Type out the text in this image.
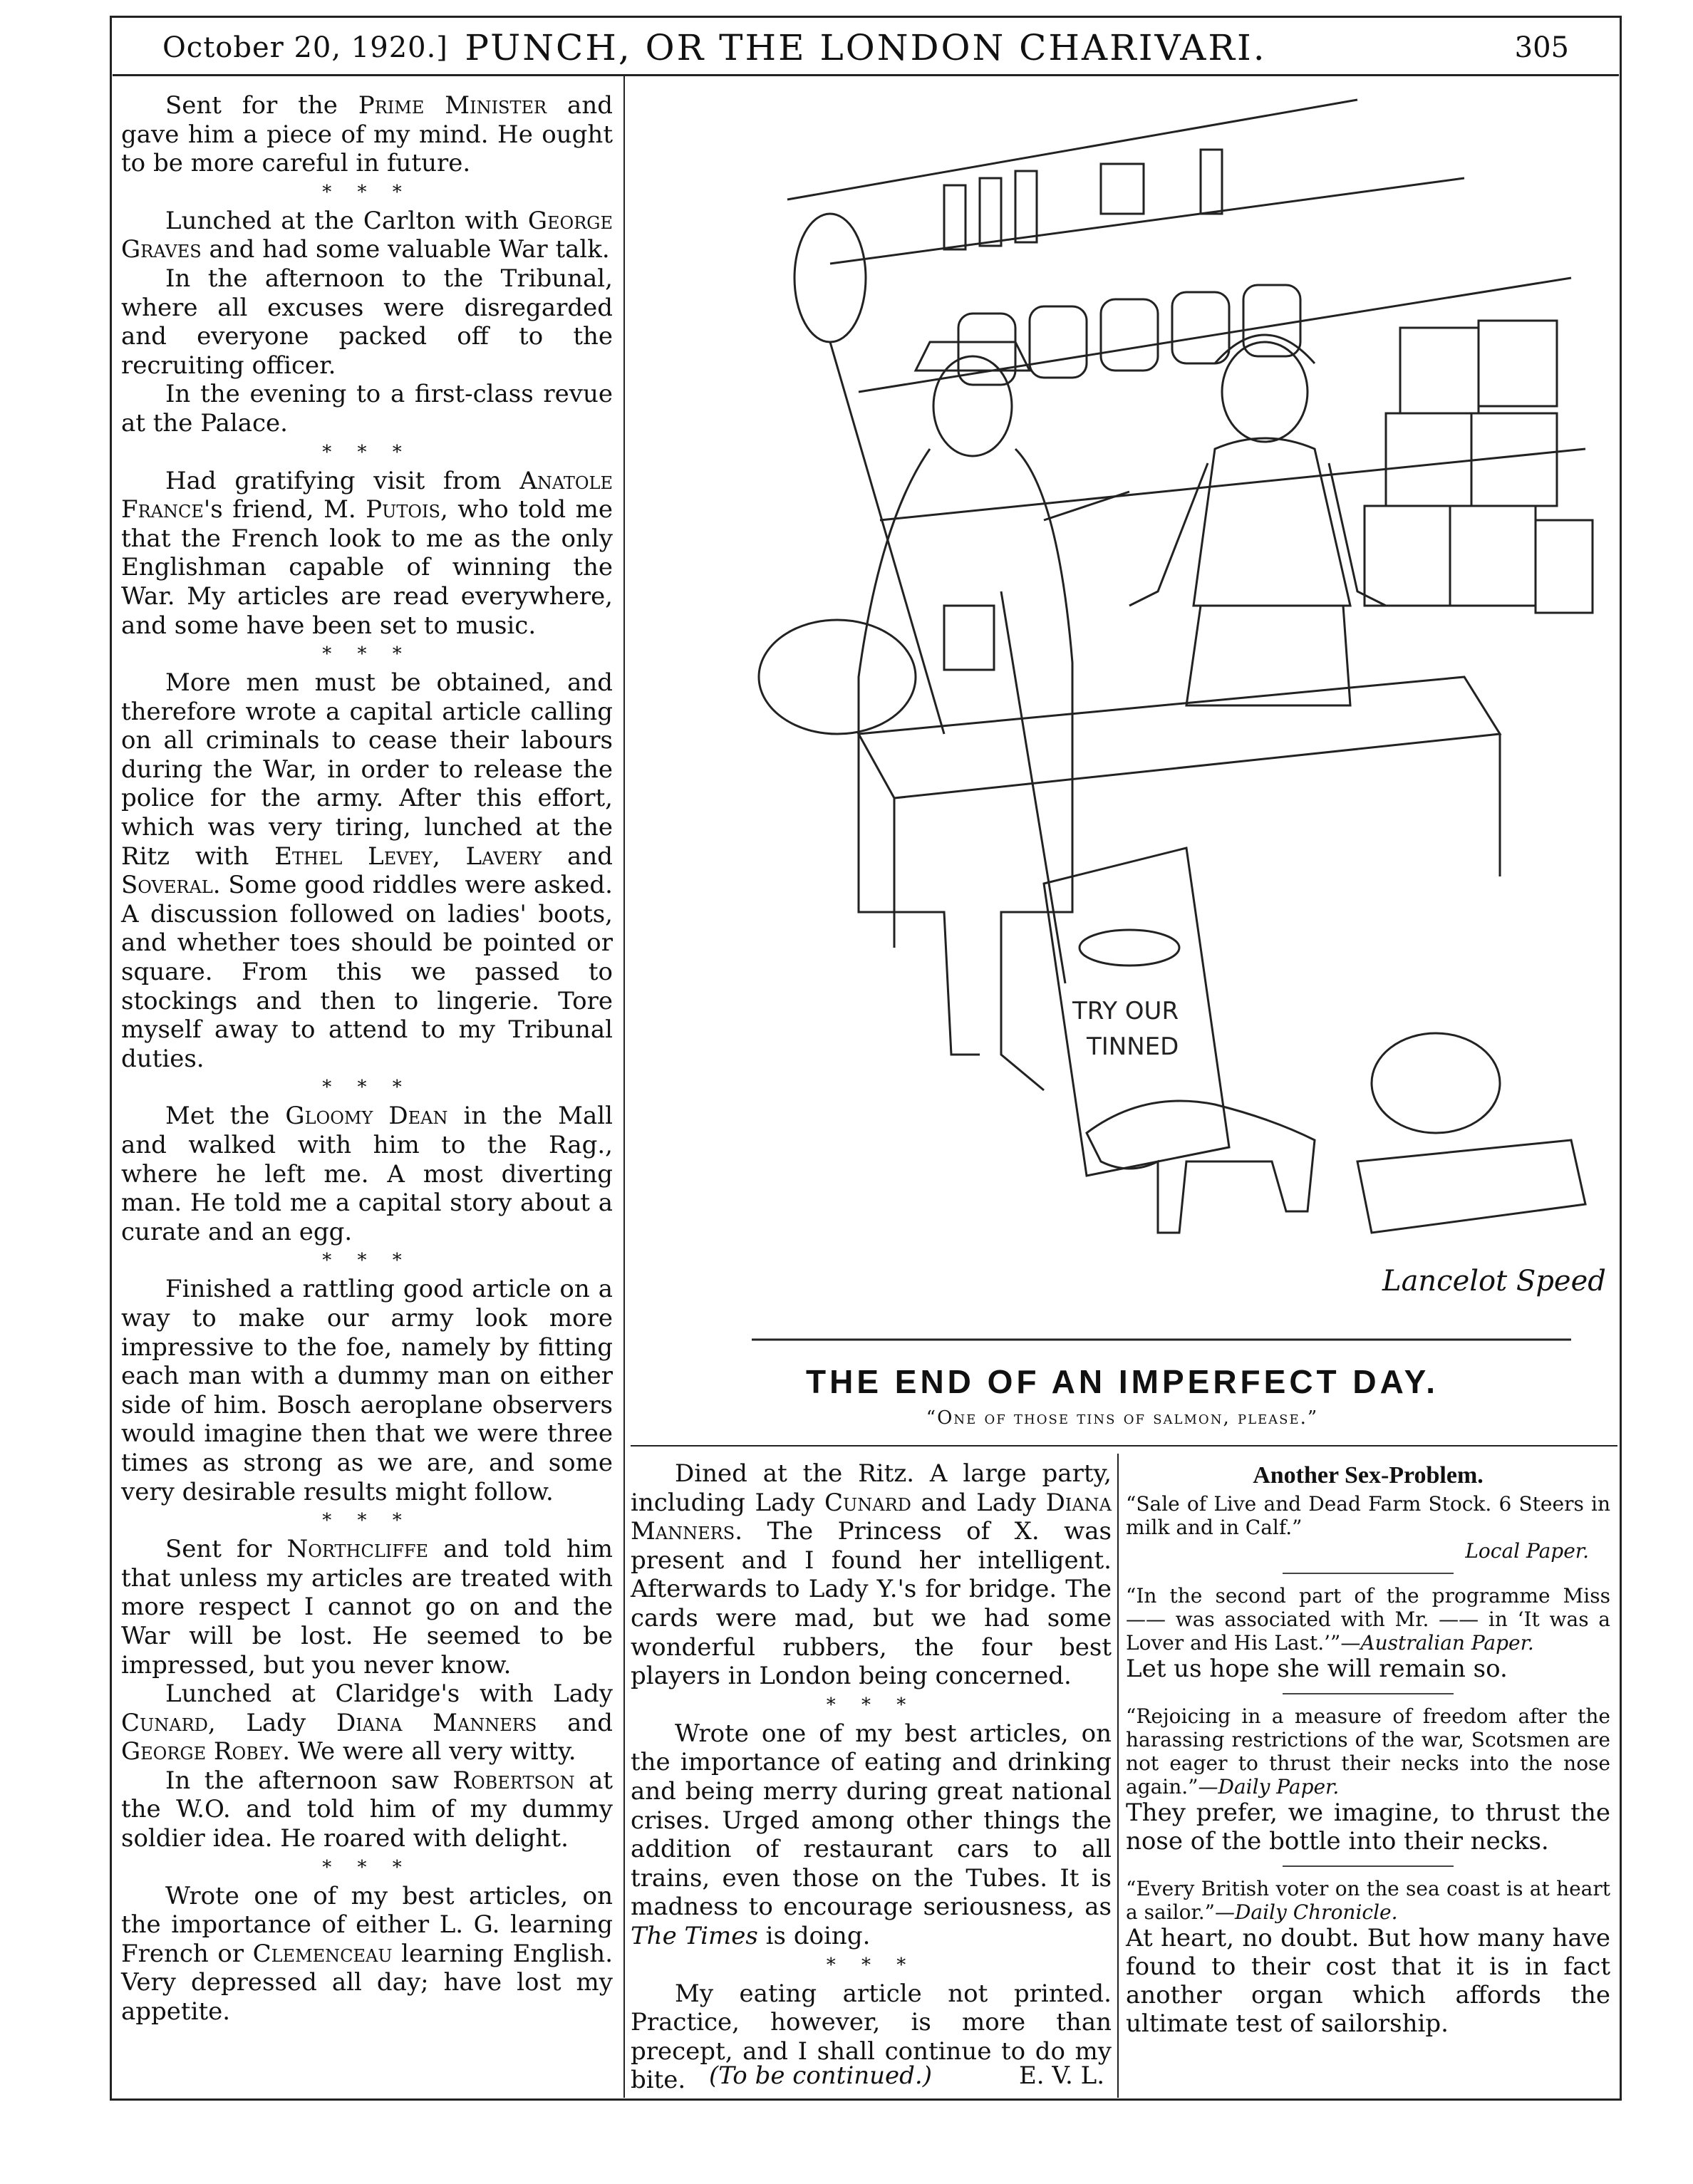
October 20, 1920.] PUNCH, OR THE LONDON CHARIVARI.	305

Sent for the Prime Minister and gave him a piece of my mind. He ought to be more careful in future.

* * *

Lunched at the Carlton with George Graves and had some valuable War talk.

In the afternoon to the Tribunal, where all excuses were disregarded and everyone packed off to the recruiting officer.

In the evening to a first-class revue at the Palace.

* * *

Had gratifying visit from Anatole France's friend, M. Putois, who told me that the French look to me as the only Englishman capable of winning the War. My articles are read everywhere, and some have been set to music.

* * *

More men must be obtained, and therefore wrote a capital article calling on all criminals to cease their labours during the War, in order to release the police for the army. After this effort, which was very tiring, lunched at the Ritz with Ethel Levey, Lavery and Soveral. Some good riddles were asked. A discussion followed on ladies' boots, and whether toes should be pointed or square. From this we passed to stockings and then to lingerie. Tore myself away to attend to my Tribunal duties.

* * *

Met the Gloomy Dean in the Mall and walked with him to the Rag., where he left me. A most diverting man. He told me a capital story about a curate and an egg.

* * *

Finished a rattling good article on a way to make our army look more impressive to the foe, namely by fitting each man with a dummy man on either side of him. Bosch aeroplane observers would imagine then that we were three times as strong as we are, and some very desirable results might follow.

* * *

Sent for Northcliffe and told him that unless my articles are treated with more respect I cannot go on and the War will be lost. He seemed to be impressed, but you never know.

Lunched at Claridge's with Lady Cunard, Lady Diana Manners and George Robey. We were all very witty.

In the afternoon saw Robertson at the W.O. and told him of my dummy soldier idea. He roared with delight.

* * *

Wrote one of my best articles, on the importance of either L. G. learning French or Clemenceau learning English. Very depressed all day; have lost my appetite.

TRY OUR
TINNED
Lancelot Speed
THE END OF AN IMPERFECT DAY.
“One of those tins of salmon, please.”

Dined at the Ritz. A large party, including Lady Cunard and Lady Diana Manners. The Princess of X. was present and I found her intelligent. Afterwards to Lady Y.'s for bridge. The cards were mad, but we had some wonderful rubbers, the four best players in London being concerned.

* * *

Wrote one of my best articles, on the importance of eating and drinking and being merry during great national crises. Urged among other things the addition of restaurant cars to all trains, even those on the Tubes. It is madness to encourage seriousness, as The Times is doing.

* * *

My eating article not printed. Practice, however, is more than precept, and I shall continue to do my bite. (To be continued.)	E. V. L.
Another Sex-Problem.
“Sale of Live and Dead Farm Stock. 6 Steers in milk and in Calf.”
Local Paper.
“In the second part of the programme Miss —— was associated with Mr. —— in ‘It was a Lover and His Last.’”—Australian Paper.
Let us hope she will remain so.
“Rejoicing in a measure of freedom after the harassing restrictions of the war, Scotsmen are not eager to thrust their necks into the nose again.”—Daily Paper.
They prefer, we imagine, to thrust the nose of the bottle into their necks.
“Every British voter on the sea coast is at heart a sailor.”—Daily Chronicle.
At heart, no doubt. But how many have found to their cost that it is in fact another organ which affords the ultimate test of sailorship.
